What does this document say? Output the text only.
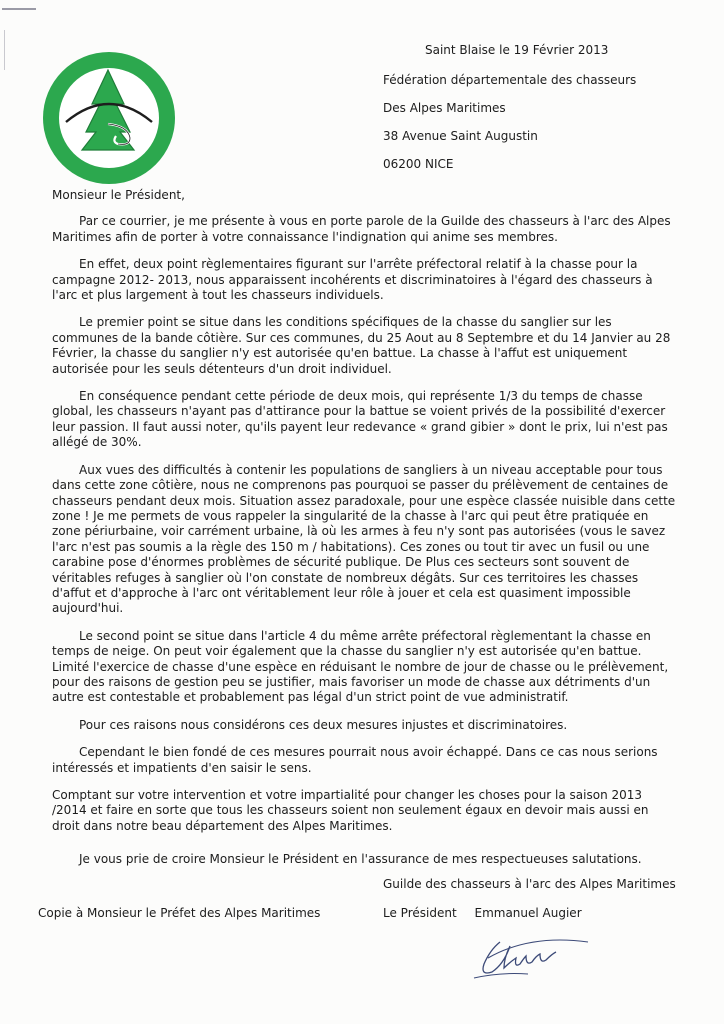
Saint Blaise le 19 Février 2013
Fédération départementale des chasseurs
Des Alpes Maritimes
38 Avenue Saint Augustin
06200 NICE

Monsieur le Président,

Par ce courrier, je me présente à vous en porte parole de la Guilde des chasseurs à l'arc des Alpes Maritimes afin de porter à votre connaissance l'indignation qui anime ses membres.

En effet, deux point règlementaires figurant sur l'arrête préfectoral relatif à la chasse pour la campagne 2012- 2013, nous apparaissent incohérents et discriminatoires à l'égard des chasseurs à l'arc et plus largement à tout les chasseurs individuels.

Le premier point se situe dans les conditions spécifiques de la chasse du sanglier sur les communes de la bande côtière. Sur ces communes, du 25 Aout au 8 Septembre et du 14 Janvier au 28 Février, la chasse du sanglier n'y est autorisée qu'en battue. La chasse à l'affut est uniquement autorisée pour les seuls détenteurs d'un droit individuel.

En conséquence pendant cette période de deux mois, qui représente 1/3 du temps de chasse global, les chasseurs n'ayant pas d'attirance pour la battue se voient privés de la possibilité d'exercer leur passion. Il faut aussi noter, qu'ils payent leur redevance « grand gibier » dont le prix, lui n'est pas allégé de 30%.

Aux vues des difficultés à contenir les populations de sangliers à un niveau acceptable pour tous dans cette zone côtière, nous ne comprenons pas pourquoi se passer du prélèvement de centaines de chasseurs pendant deux mois. Situation assez paradoxale, pour une espèce classée nuisible dans cette zone ! Je me permets de vous rappeler la singularité de la chasse à l'arc qui peut être pratiquée en zone périurbaine, voir carrément urbaine, là où les armes à feu n'y sont pas autorisées (vous le savez l'arc n'est pas soumis a la règle des 150 m / habitations). Ces zones ou tout tir avec un fusil ou une carabine pose d'énormes problèmes de sécurité publique. De Plus ces secteurs sont souvent de véritables refuges à sanglier où l'on constate de nombreux dégâts. Sur ces territoires les chasses d'affut et d'approche à l'arc ont véritablement leur rôle à jouer et cela est quasiment impossible aujourd'hui.

Le second point se situe dans l'article 4 du même arrête préfectoral règlementant la chasse en temps de neige. On peut voir également que la chasse du sanglier n'y est autorisée qu'en battue. Limité l'exercice de chasse d'une espèce en réduisant le nombre de jour de chasse ou le prélèvement, pour des raisons de gestion peu se justifier, mais favoriser un mode de chasse aux détriments d'un autre est contestable et probablement pas légal d'un strict point de vue administratif.

Pour ces raisons nous considérons ces deux mesures injustes et discriminatoires.

Cependant le bien fondé de ces mesures pourrait nous avoir échappé. Dans ce cas nous serions intéressés et impatients d'en saisir le sens.

Comptant sur votre intervention et votre impartialité pour changer les choses pour la saison 2013 /2014 et faire en sorte que tous les chasseurs soient non seulement égaux en devoir mais aussi en droit dans notre beau département des Alpes Maritimes.

Je vous prie de croire Monsieur le Président en l'assurance de mes respectueuses salutations.

Guilde des chasseurs à l'arc des Alpes Maritimes
Copie à Monsieur le Préfet des Alpes Maritimes	Le Président Emmanuel Augier
